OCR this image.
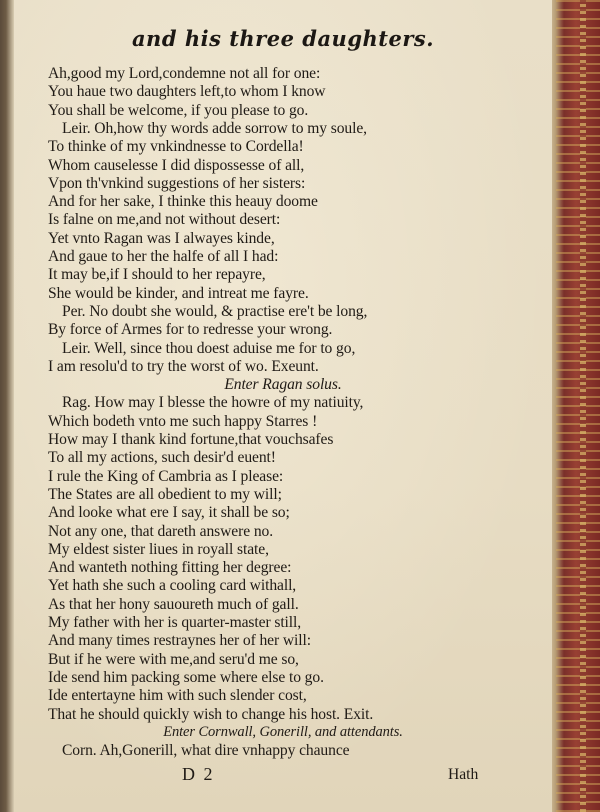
and his three daughters.
Ah,good my Lord,condemne not all for one:
You haue two daughters left,to whom I know
You shall be welcome, if you please to go.
Leir. Oh,how thy words adde sorrow to my soule,
To thinke of my vnkindnesse to Cordella!
Whom causelesse I did dispossesse of all,
Vpon th'vnkind suggestions of her sisters:
And for her sake, I thinke this heauy doome
Is falne on me,and not without desert:
Yet vnto Ragan was I alwayes kinde,
And gaue to her the halfe of all I had:
It may be,if I should to her repayre,
She would be kinder, and intreat me fayre.
Per. No doubt she would, & practise ere't be long,
By force of Armes for to redresse your wrong.
Leir. Well, since thou doest aduise me for to go,
I am resolu'd to try the worst of wo. Exeunt.
Enter Ragan solus.
Rag. How may I blesse the howre of my natiuity,
Which bodeth vnto me such happy Starres !
How may I thank kind fortune,that vouchsafes
To all my actions, such desir'd euent!
I rule the King of Cambria as I please:
The States are all obedient to my will;
And looke what ere I say, it shall be so;
Not any one, that dareth answere no.
My eldest sister liues in royall state,
And wanteth nothing fitting her degree:
Yet hath she such a cooling card withall,
As that her hony sauoureth much of gall.
My father with her is quarter-master still,
And many times restraynes her of her will:
But if he were with me,and seru'd me so,
Ide send him packing some where else to go.
Ide entertayne him with such slender cost,
That he should quickly wish to change his host. Exit.
Enter Cornwall, Gonerill, and attendants.
D 2	Hath
Corn. Ah,Gonerill, what dire vnhappy chaunce
